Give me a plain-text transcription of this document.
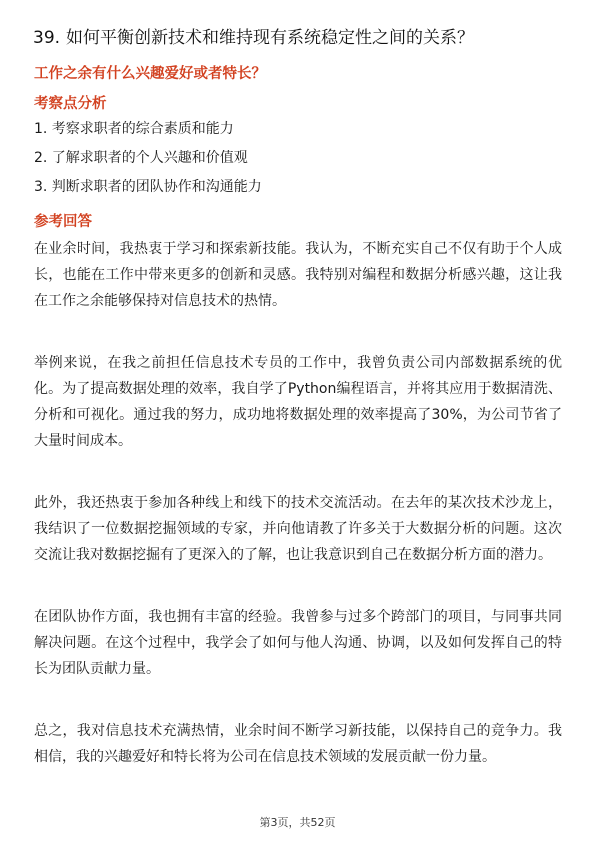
39. 如何平衡创新技术和维持现有系统稳定性之间的关系？
工作之余有什么兴趣爱好或者特长？
考察点分析
1. 考察求职者的综合素质和能力
2. 了解求职者的个人兴趣和价值观
3. 判断求职者的团队协作和沟通能力
参考回答

在业余时间，我热衷于学习和探索新技能。我认为，不断充实自己不仅有助于个人成长，也能在工作中带来更多的创新和灵感。我特别对编程和数据分析感兴趣，这让我在工作之余能够保持对信息技术的热情。

举例来说，在我之前担任信息技术专员的工作中，我曾负责公司内部数据系统的优化。为了提高数据处理的效率，我自学了Python编程语言，并将其应用于数据清洗、分析和可视化。通过我的努力，成功地将数据处理的效率提高了30%，为公司节省了大量时间成本。

此外，我还热衷于参加各种线上和线下的技术交流活动。在去年的某次技术沙龙上，我结识了一位数据挖掘领域的专家，并向他请教了许多关于大数据分析的问题。这次交流让我对数据挖掘有了更深入的了解，也让我意识到自己在数据分析方面的潜力。

在团队协作方面，我也拥有丰富的经验。我曾参与过多个跨部门的项目，与同事共同解决问题。在这个过程中，我学会了如何与他人沟通、协调，以及如何发挥自己的特长为团队贡献力量。

总之，我对信息技术充满热情，业余时间不断学习新技能，以保持自己的竞争力。我相信，我的兴趣爱好和特长将为公司在信息技术领域的发展贡献一份力量。

第3页，共52页
